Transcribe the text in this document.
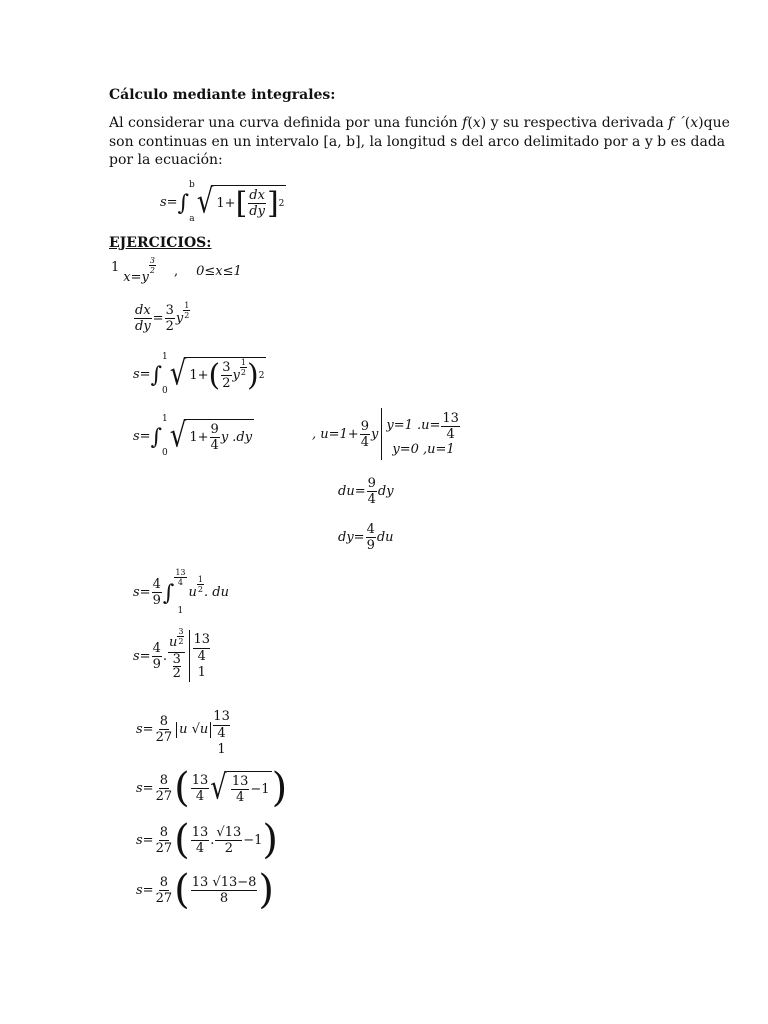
Cálculo mediante integrales:
Al considerar una curva definida por una función f(x) y su respectiva derivada f ´(x)que
son continuas en un intervalo [a, b], la longitud s del arco delimitado por a y b es dada
por la ecuación:
s= ∫
b
a √ 1+ [ $\frac{dx}{dy}$ ] 2
EJERCICIOS:
1
x=y
3
2 , 0≤x≤1
$\frac{dx}{dy} = \frac{3}{2}$ y
1
2
s= ∫
1
0 √ 1+ ( $\frac{3}{2}$ y
1
2 ) 2
s= ∫
1
0 √ $1+ \frac{9}{4}$ y .dy	, $u=1+ \frac{9}{4}$ y
y=1 $.u= \frac{13}{4}$
y=0 ,u=1
$du= \frac{9}{4}$ dy
$dy= \frac{4}{9}$ du
$s= \frac{4}{9}$ ∫
13
4
1
u
1
2 . du
$s= \frac{4}{9}$ . u
3
2
$\frac{3}{2} 13$
4
1
$s= \frac{8}{27}$ u √u
13
4
1
$s= \frac{8}{27}$ ( $\frac{13}{4}$ √ $\frac{13}{4} -1$ )
$s= \frac{8}{27}$ ( $\frac{13}{4}$ . $\frac{√13}{2} -1$ )
$s= \frac{8}{27}$ ( $\frac{13 √13-8}{8}$ )
